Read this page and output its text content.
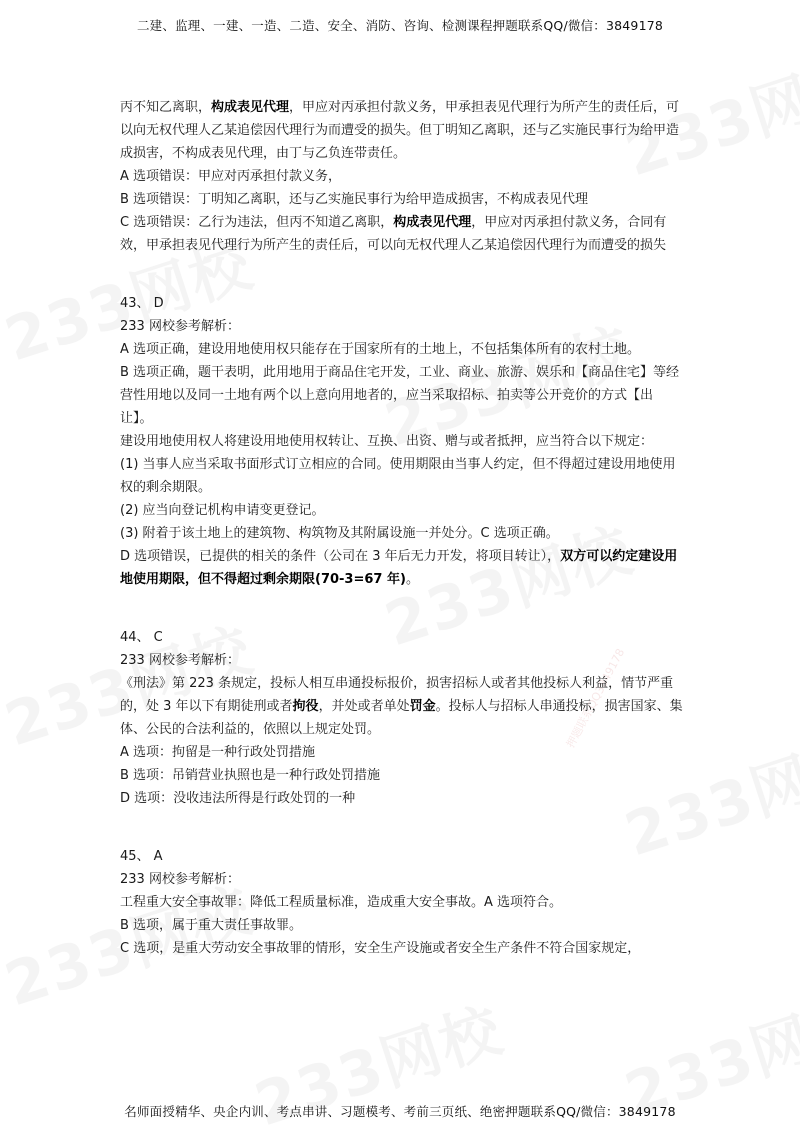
押题联系QQ3849178
二建、监理、一建、一造、二造、安全、消防、咨询、检测课程押题联系QQ/微信：3849178

丙不知乙离职，构成表见代理，甲应对丙承担付款义务，甲承担表见代理行为所产生的责任后，可以向无权代理人乙某追偿因代理行为而遭受的损失。但丁明知乙离职，还与乙实施民事行为给甲造成损害，不构成表见代理，由丁与乙负连带责任。

A 选项错误：甲应对丙承担付款义务，

B 选项错误：丁明知乙离职，还与乙实施民事行为给甲造成损害，不构成表见代理

C 选项错误：乙行为违法，但丙不知道乙离职，构成表见代理，甲应对丙承担付款义务，合同有效，甲承担表见代理行为所产生的责任后，可以向无权代理人乙某追偿因代理行为而遭受的损失

43、 D

233 网校参考解析：

A 选项正确，建设用地使用权只能存在于国家所有的土地上，不包括集体所有的农村土地。

B 选项正确，题干表明，此用地用于商品住宅开发，工业、商业、旅游、娱乐和【商品住宅】等经营性用地以及同一土地有两个以上意向用地者的，应当采取招标、拍卖等公开竞价的方式【出让】。

建设用地使用权人将建设用地使用权转让、互换、出资、赠与或者抵押，应当符合以下规定：

(1) 当事人应当采取书面形式订立相应的合同。使用期限由当事人约定，但不得超过建设用地使用权的剩余期限。

(2) 应当向登记机构申请变更登记。

(3) 附着于该土地上的建筑物、构筑物及其附属设施一并处分。C 选项正确。

D 选项错误，已提供的相关的条件（公司在 3 年后无力开发，将项目转让），双方可以约定建设用地使用期限，但不得超过剩余期限(70-3=67 年)。

44、 C

233 网校参考解析：

《刑法》第 223 条规定，投标人相互串通投标报价，损害招标人或者其他投标人利益，情节严重的，处 3 年以下有期徒刑或者拘役，并处或者单处罚金。投标人与招标人串通投标，损害国家、集体、公民的合法利益的，依照以上规定处罚。

A 选项：拘留是一种行政处罚措施

B 选项：吊销营业执照也是一种行政处罚措施

D 选项：没收违法所得是行政处罚的一种

45、 A

233 网校参考解析：

工程重大安全事故罪：降低工程质量标准，造成重大安全事故。A 选项符合。

B 选项，属于重大责任事故罪。

C 选项，是重大劳动安全事故罪的情形，安全生产设施或者安全生产条件不符合国家规定，

名师面授精华、央企内训、考点串讲、习题模考、考前三页纸、绝密押题联系QQ/微信：3849178
